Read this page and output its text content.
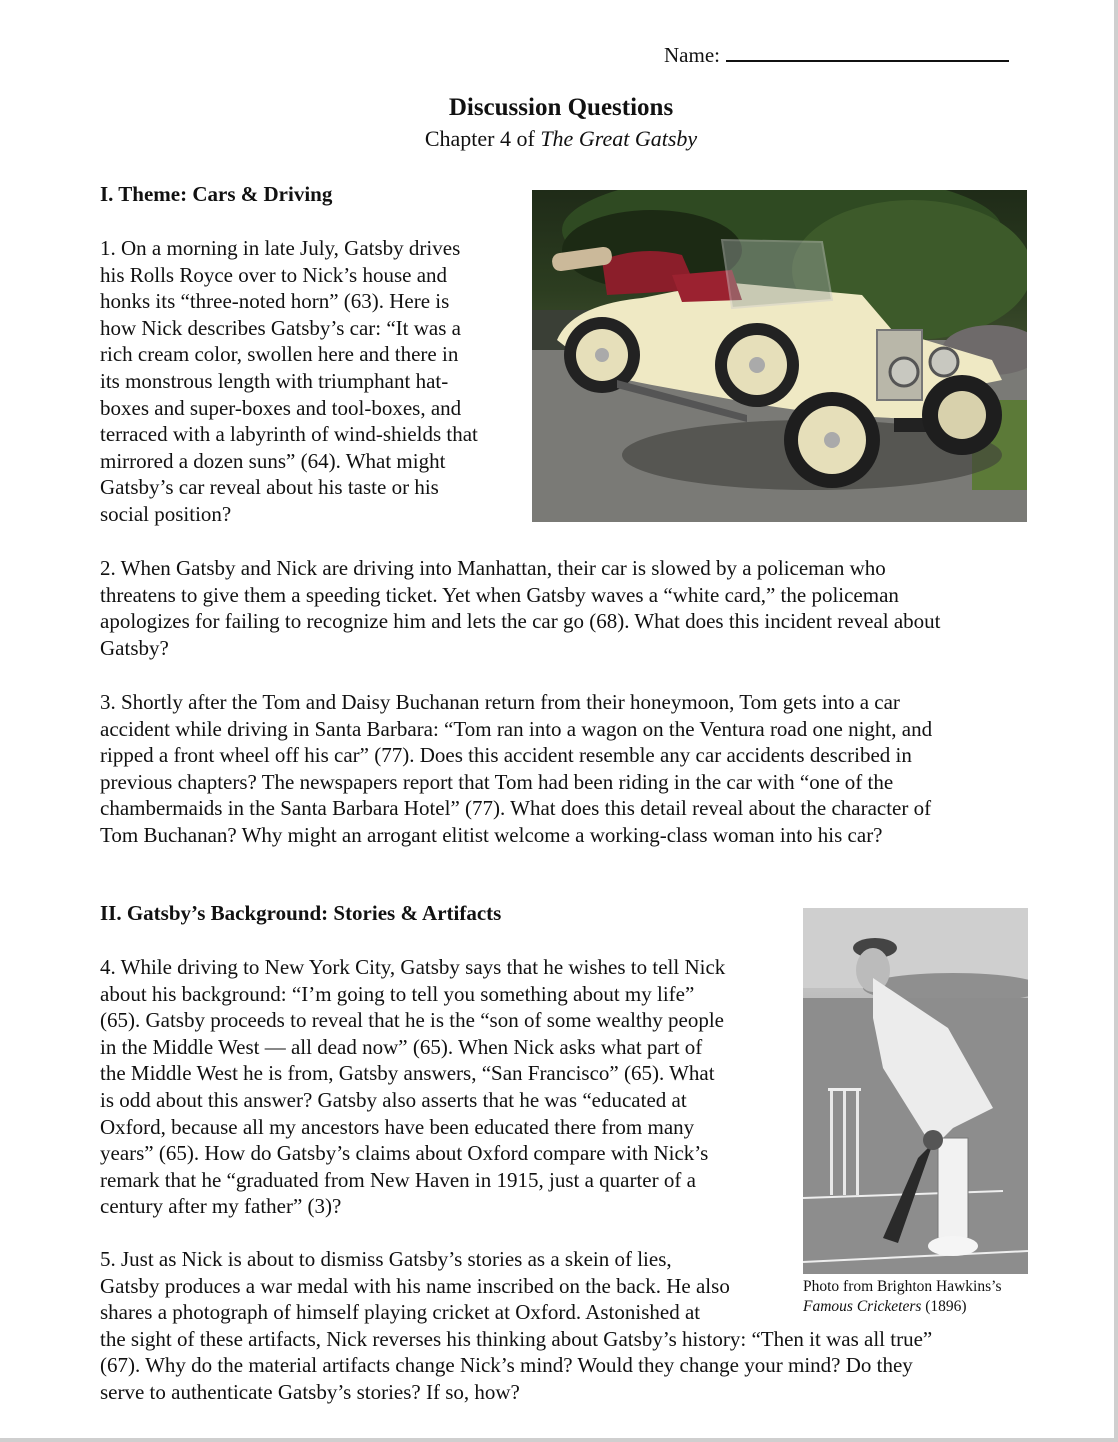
Name:
Discussion Questions
Chapter 4 of The Great Gatsby
I. Theme: Cars & Driving

1. On a morning in late July, Gatsby drives

his Rolls Royce over to Nick’s house and

honks its “three-noted horn” (63). Here is

how Nick describes Gatsby’s car: “It was a

rich cream color, swollen here and there in

its monstrous length with triumphant hat-

boxes and super-boxes and tool-boxes, and

terraced with a labyrinth of wind-shields that

mirrored a dozen suns” (64). What might

Gatsby’s car reveal about his taste or his

social position?

2. When Gatsby and Nick are driving into Manhattan, their car is slowed by a policeman who

threatens to give them a speeding ticket. Yet when Gatsby waves a “white card,” the policeman

apologizes for failing to recognize him and lets the car go (68). What does this incident reveal about

Gatsby?

3. Shortly after the Tom and Daisy Buchanan return from their honeymoon, Tom gets into a car

accident while driving in Santa Barbara: “Tom ran into a wagon on the Ventura road one night, and

ripped a front wheel off his car” (77). Does this accident resemble any car accidents described in

previous chapters? The newspapers report that Tom had been riding in the car with “one of the

chambermaids in the Santa Barbara Hotel” (77). What does this detail reveal about the character of

Tom Buchanan? Why might an arrogant elitist welcome a working-class woman into his car?

II. Gatsby’s Background: Stories & Artifacts

4. While driving to New York City, Gatsby says that he wishes to tell Nick

about his background: “I’m going to tell you something about my life”

(65). Gatsby proceeds to reveal that he is the “son of some wealthy people

in the Middle West — all dead now” (65). When Nick asks what part of

the Middle West he is from, Gatsby answers, “San Francisco” (65). What

is odd about this answer? Gatsby also asserts that he was “educated at

Oxford, because all my ancestors have been educated there from many

years” (65). How do Gatsby’s claims about Oxford compare with Nick’s

remark that he “graduated from New Haven in 1915, just a quarter of a

century after my father” (3)?

Photo from Brighton Hawkins’s
Famous Cricketers (1896)

5. Just as Nick is about to dismiss Gatsby’s stories as a skein of lies,

Gatsby produces a war medal with his name inscribed on the back. He also

shares a photograph of himself playing cricket at Oxford. Astonished at

the sight of these artifacts, Nick reverses his thinking about Gatsby’s history: “Then it was all true”

(67). Why do the material artifacts change Nick’s mind? Would they change your mind? Do they

serve to authenticate Gatsby’s stories? If so, how?
